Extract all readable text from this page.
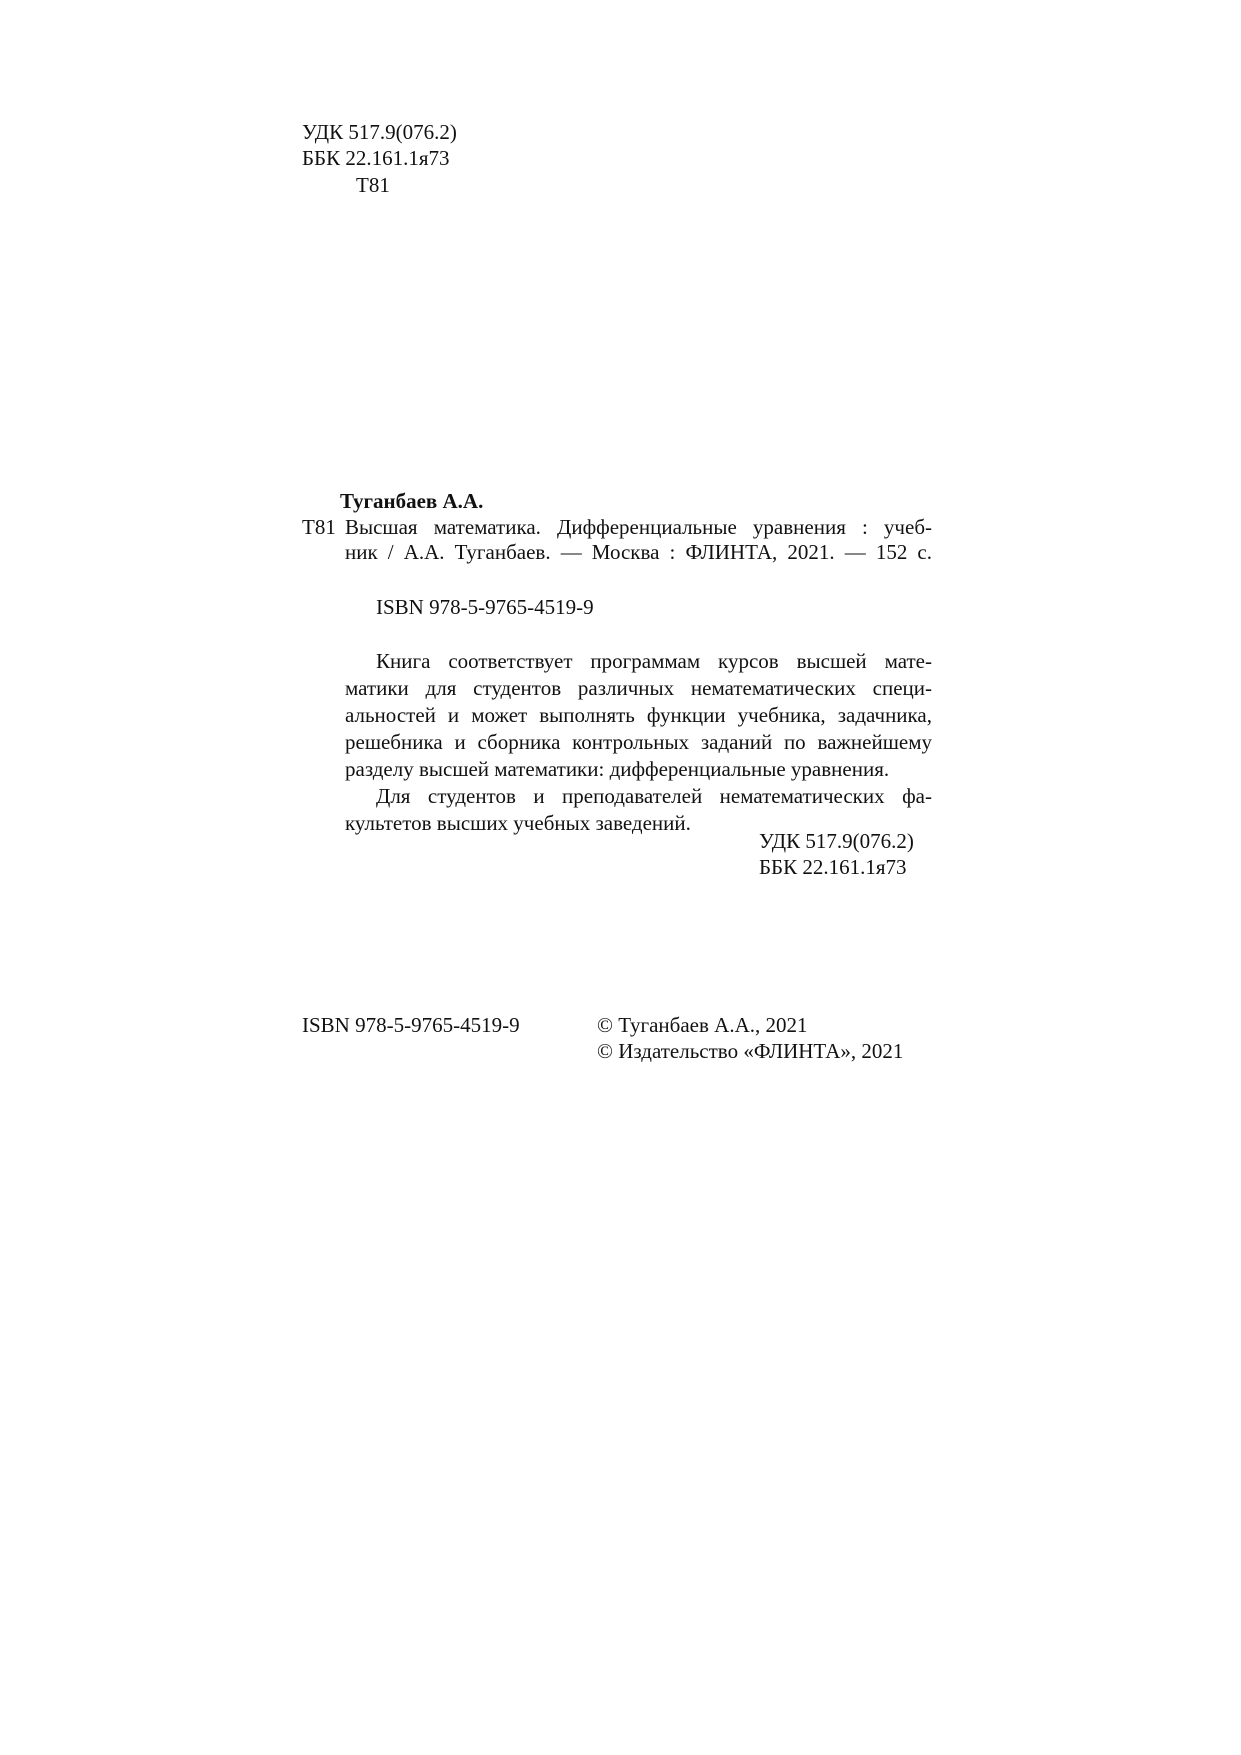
УДК 517.9(076.2)
ББК 22.161.1я73
Т81
Туганбаев А.А.
Т81 Высшая математика. Дифференциальные уравнения : учеб-
ник / А.А. Туганбаев. — Москва : ФЛИНТА, 2021. — 152 с.
ISBN 978-5-9765-4519-9
Книга соответствует программам курсов высшей мате-
матики для студентов различных нематематических специ-
альностей и может выполнять функции учебника, задачника,
решебника и сборника контрольных заданий по важнейшему
разделу высшей математики: дифференциальные уравнения.
Для студентов и преподавателей нематематических фа-
культетов высших учебных заведений.
УДК 517.9(076.2)
ББК 22.161.1я73
ISBN 978-5-9765-4519-9	© Туганбаев А.А., 2021
© Издательство «ФЛИНТА», 2021
